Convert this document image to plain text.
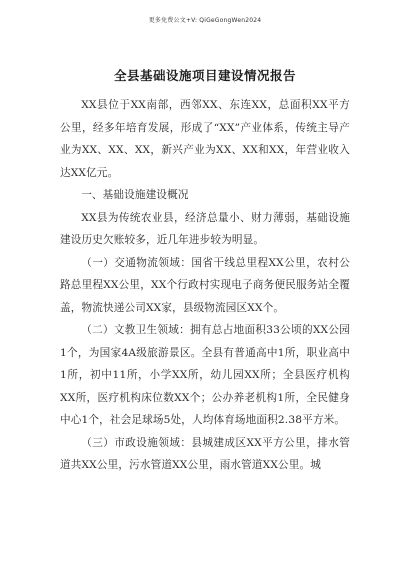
更多免费公文+V: QiGeGongWen2024
全县基础设施项目建设情况报告

XX县位于XX南部，西邻XX、东连XX，总面积XX平方公里，经多年培育发展，形成了“XX”产业体系，传统主导产业为XX、XX、XX，新兴产业为XX、XX和XX，年营业收入达XX亿元。

一、基础设施建设概况

XX县为传统农业县，经济总量小、财力薄弱，基础设施建设历史欠账较多，近几年进步较为明显。

（一）交通物流领域：国省干线总里程XX公里，农村公路总里程XX公里，XX个行政村实现电子商务便民服务站全覆盖，物流快递公司XX家，县级物流园区XX个。

（二）文教卫生领域：拥有总占地面积33公顷的XX公园1个，为国家4A级旅游景区。全县有普通高中1所，职业高中1所，初中11所，小学XX所，幼儿园XX所；全县医疗机构XX所，医疗机构床位数XX个；公办养老机构1所，全民健身中心1个，社会足球场5处，人均体育场地面积2.38平方米。

（三）市政设施领域：县城建成区XX平方公里，排水管道共XX公里，污水管道XX公里，雨水管道XX公里。城
